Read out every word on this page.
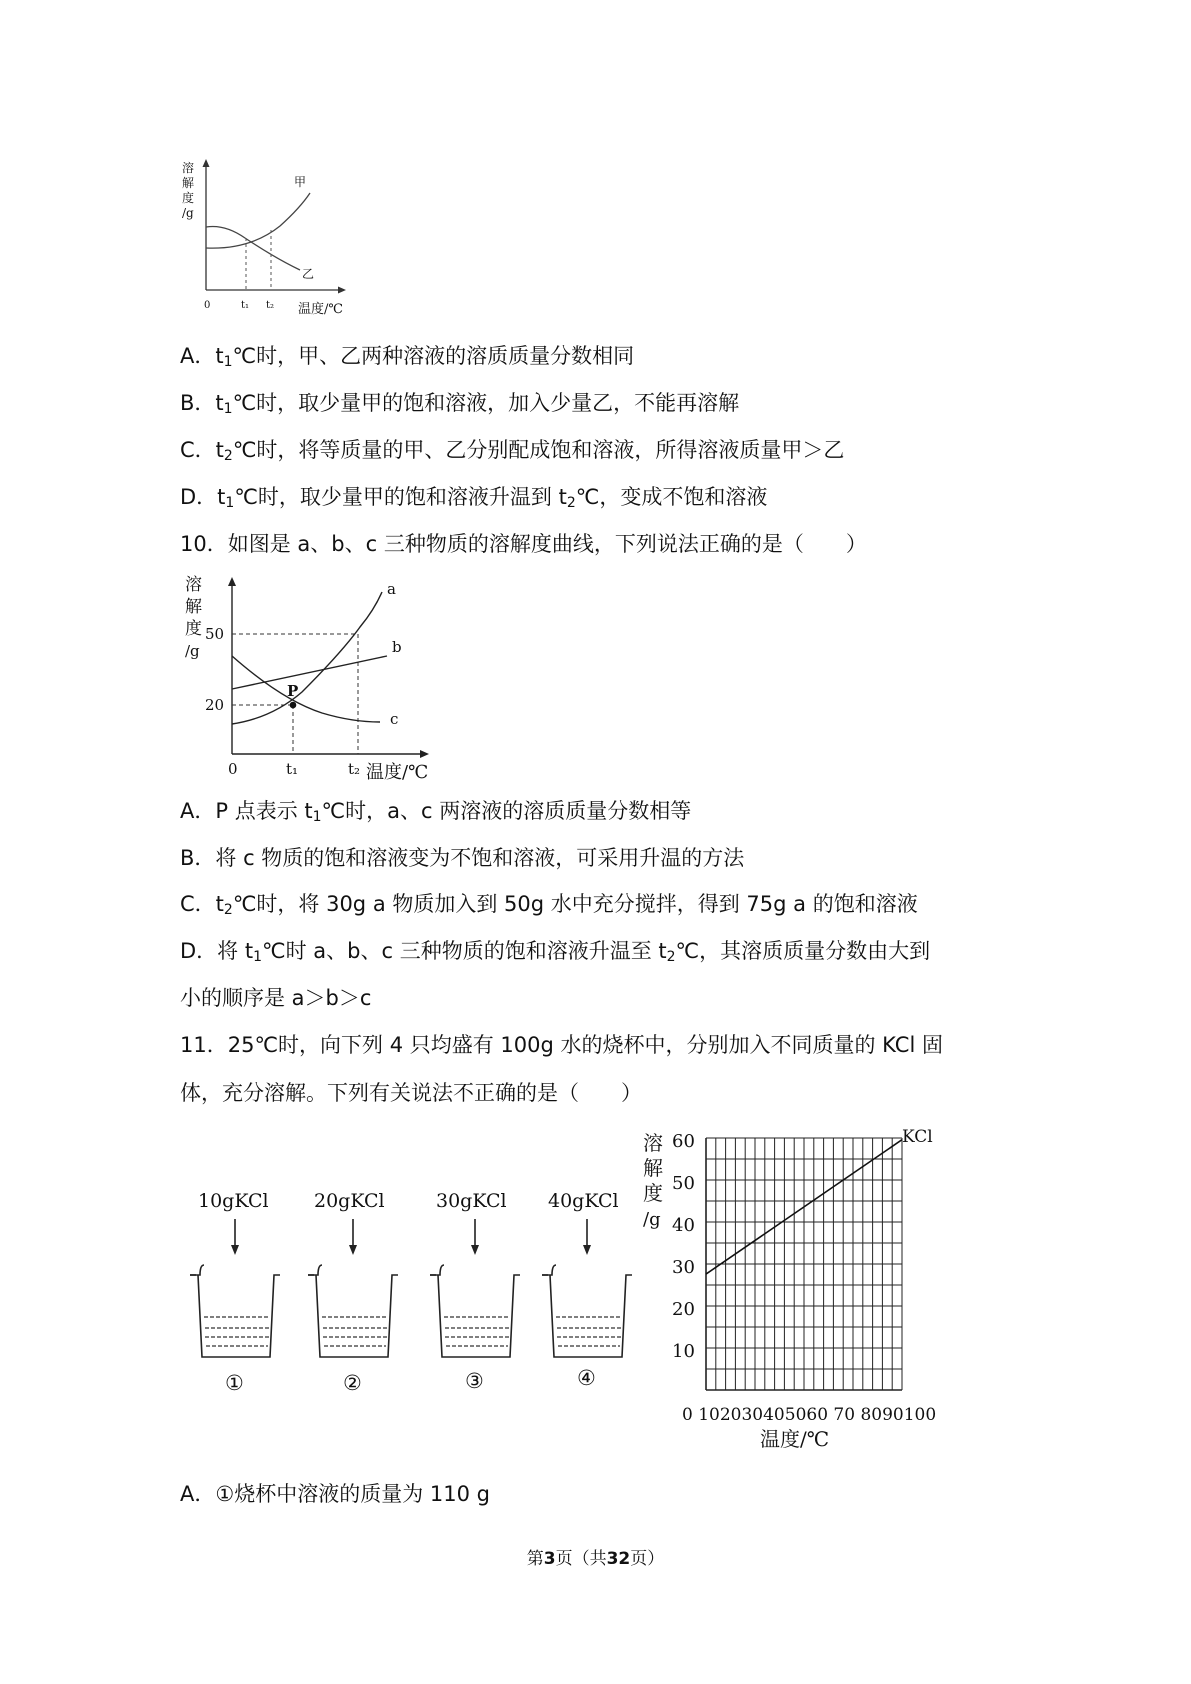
溶
解
度
/g
0	t₁ t₂ 温度/℃
甲
乙
A．$t_1℃$时，甲、乙两种溶液的溶质质量分数相同
B．$t_1℃$时，取少量甲的饱和溶液，加入少量乙，不能再溶解
C．$t_2℃$时，将等质量的甲、乙分别配成饱和溶液，所得溶液质量甲＞乙
D．$t_1℃$时，取少量甲的饱和溶液升温到 $t_2℃$，变成不饱和溶液
10．如图是 a、b、c 三种物质的溶解度曲线，下列说法正确的是（　　）
溶
解
度
/g
50
20
0	t₁	t₂ 温度/℃
a
b
c
P
A．P 点表示 $t_1℃$时，a、c 两溶液的溶质质量分数相等
B．将 c 物质的饱和溶液变为不饱和溶液，可采用升温的方法
C．$t_2℃$时，将 30g a 物质加入到 50g 水中充分搅拌，得到 75g a 的饱和溶液
D．将 $t_1℃$时 a、b、c 三种物质的饱和溶液升温至 $t_2℃$，其溶质质量分数由大到
小的顺序是 a＞b＞c
11．25℃时，向下列 4 只均盛有 100g 水的烧杯中，分别加入不同质量的 KCl 固
体，充分溶解。下列有关说法不正确的是（　　）
10gKCl
①
20gKCl
②
30gKCl
③
40gKCl
④
溶
解
度
/g
60
50
40
30
20
10
0 102030405060 70 8090100
温度/℃
KCl
A．①烧杯中溶液的质量为 110 g
第3页（共32页）
